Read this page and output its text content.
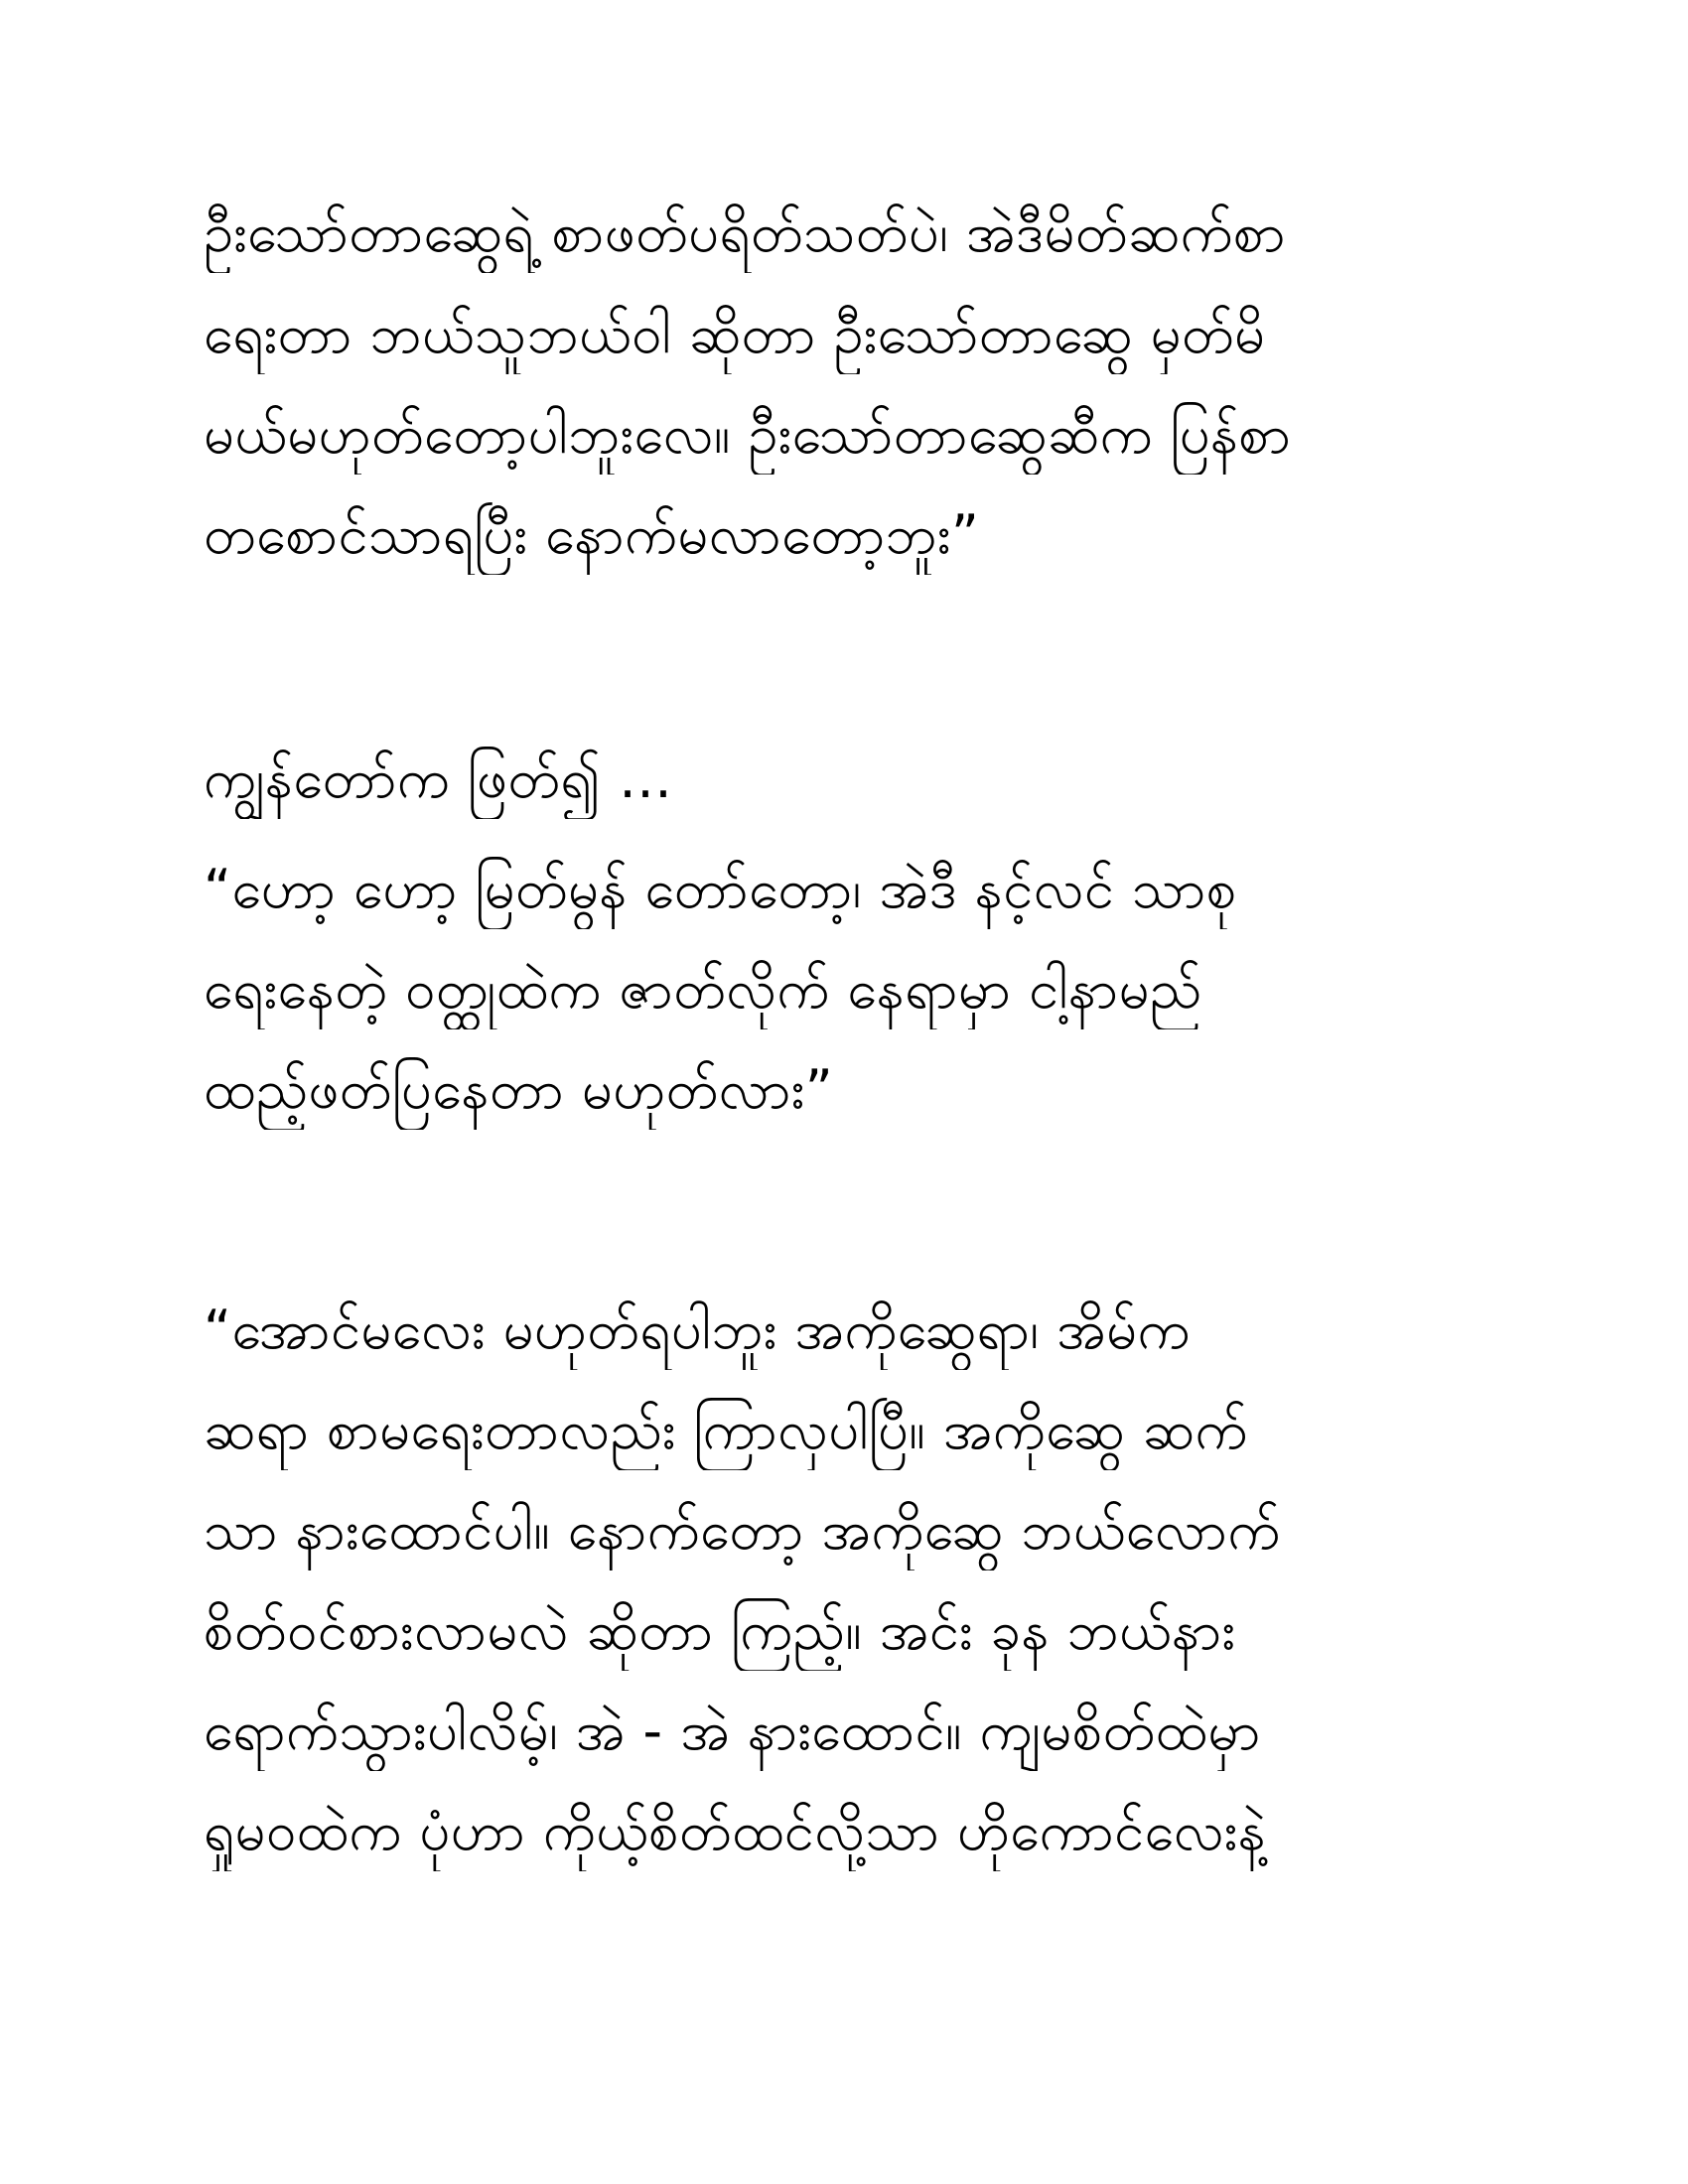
ဦးသော်တာဆွေရဲ့ စာဖတ်ပရိတ်သတ်ပဲ၊ အဲဒီမိတ်ဆက်စာ
ရေးတာ ဘယ်သူဘယ်ဝါ ဆိုတာ ဦးသော်တာဆွေ မှတ်မိ
မယ်မဟုတ်တော့ပါဘူးလေ။ ဦးသော်တာဆွေဆီက ပြန်စာ
တစောင်သာရပြီး နောက်မလာတော့ဘူး”
ကျွန်တော်က ဖြတ်၍ …
“ဟော့ ဟော့ မြတ်မွန် တော်တော့၊ အဲဒီ နင့်လင် သာစု
ရေးနေတဲ့ ဝတ္ထုထဲက ဇာတ်လိုက် နေရာမှာ ငါ့နာမည်
ထည့်ဖတ်ပြနေတာ မဟုတ်လား”
“အောင်မလေး မဟုတ်ရပါဘူး အကိုဆွေရာ၊ အိမ်က
ဆရာ စာမရေးတာလည်း ကြာလှပါပြီ။ အကိုဆွေ ဆက်
သာ နားထောင်ပါ။ နောက်တော့ အကိုဆွေ ဘယ်လောက်
စိတ်ဝင်စားလာမလဲ ဆိုတာ ကြည့်။ အင်း ခုန ဘယ်နား
ရောက်သွားပါလိမ့်၊ အဲ - အဲ နားထောင်။ ကျမစိတ်ထဲမှာ
ရှုမဝထဲက ပုံဟာ ကိုယ့်စိတ်ထင်လို့သာ ဟိုကောင်လေးနဲ့
